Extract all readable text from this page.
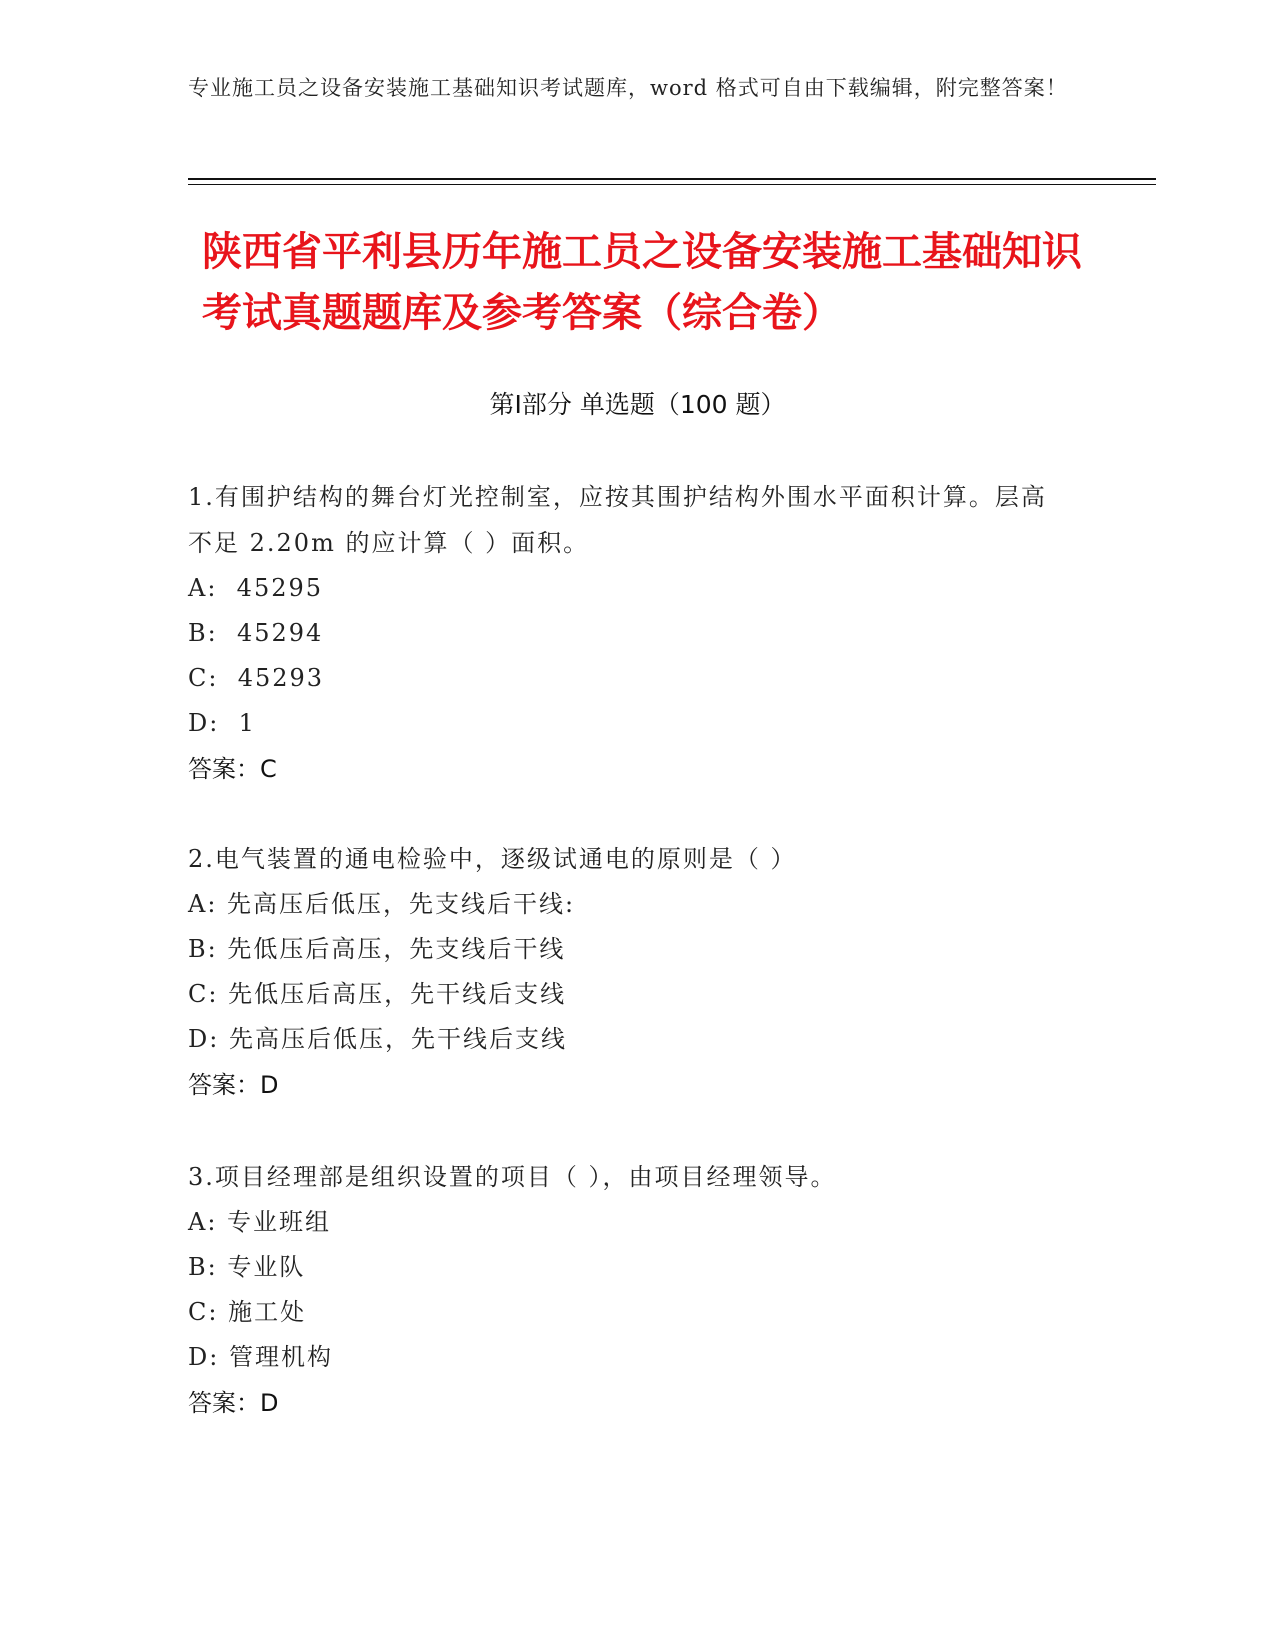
专业施工员之设备安装施工基础知识考试题库，word 格式可自由下载编辑，附完整答案！
陕西省平利县历年施工员之设备安装施工基础知识考试真题题库及参考答案（综合卷）
第Ⅰ部分 单选题（100 题）
1.有围护结构的舞台灯光控制室，应按其围护结构外围水平面积计算。层高不足 2.20m 的应计算（ ）面积。
A:  45295
B:  45294
C:  45293
D:  1
答案：C
2.电气装置的通电检验中，逐级试通电的原则是（ ）
A: 先高压后低压，先支线后干线:
B: 先低压后高压，先支线后干线
C: 先低压后高压，先干线后支线
D: 先高压后低压，先干线后支线
答案：D
3.项目经理部是组织设置的项目（ ），由项目经理领导。
A: 专业班组
B: 专业队
C: 施工处
D: 管理机构
答案：D
